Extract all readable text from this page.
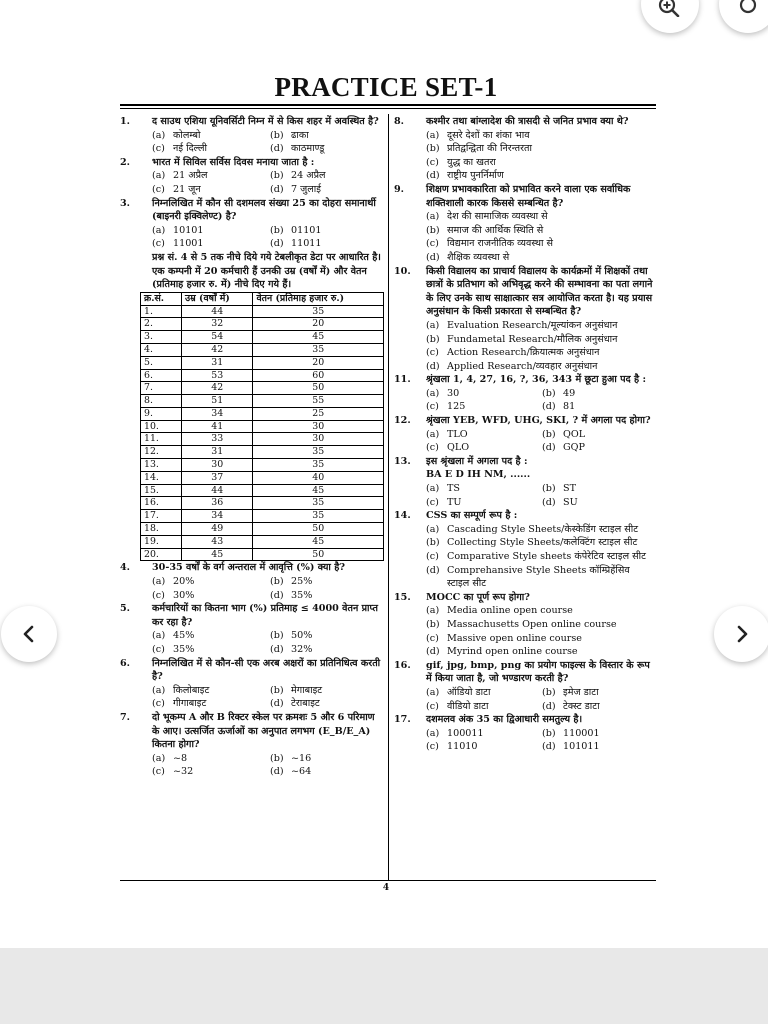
PRACTICE SET-1
1.	द साउथ एशिया यूनिवर्सिटी निम्न में से किस शहर में अवस्थित है?
(a) कोलम्बो	(b) ढाका
(c) नई दिल्ली	(d) काठमाण्डू
2.	भारत में सिविल सर्विस दिवस मनाया जाता है :
(a) 21 अप्रैल	(b) 24 अप्रैल
(c) 21 जून	(d) 7 जुलाई
3.	निम्नलिखित में कौन सी दशमलव संख्या 25 का दोहरा समानार्थी (बाइनरी इक्विलेण्ट) है?
(a) 10101	(b) 01101
(c) 11001	(d) 11011
प्रश्न सं. 4 से 5 तक नीचे दिये गये टेबलीकृत डेटा पर आधारित है। एक कम्पनी में 20 कर्मचारी हैं उनकी उम्र (वर्षों में) और वेतन (प्रतिमाह हजार रु. में) नीचे दिए गये हैं।
क्र.सं.	उम्र (वर्षों में)	वेतन (प्रतिमाह हजार रु.)
1.	44	35
2.	32	20
3.	54	45
4.	42	35
5.	31	20
6.	53	60
7.	42	50
8.	51	55
9.	34	25
10.	41	30
11.	33	30
12.	31	35
13.	30	35
14.	37	40
15.	44	45
16.	36	35
17.	34	35
18.	49	50
19.	43	45
20.	45	50
4.	30-35 वर्षों के वर्ग अन्तराल में आवृत्ति (%) क्या है?
(a) 20%	(b) 25%
(c) 30%	(d) 35%
5.	कर्मचारियों का कितना भाग (%) प्रतिमाह ≤ 4000 वेतन प्राप्त कर रहा है?
(a) 45%	(b) 50%
(c) 35%	(d) 32%
6.	निम्नलिखित में से कौन-सी एक अरब अक्षरों का प्रतिनिधित्व करती है?
(a) किलोबाइट	(b) मेगाबाइट
(c) गीगाबाइट	(d) टेराबाइट
7.	दो भूकम्प A और B रिक्टर स्केल पर क्रमशः 5 और 6 परिमाण के आए। उत्सर्जित ऊर्जाओं का अनुपात लगभग (E_B/E_A) कितना होगा?
(a) ~8	(b) ~16
(c) ~32	(d) ~64
8.	कश्मीर तथा बांग्लादेश की त्रासदी से जनित प्रभाव क्या थे?
(a) दूसरे देशों का शंका भाव
(b) प्रतिद्वन्द्विता की निरन्तरता
(c) युद्ध का खतरा
(d) राष्ट्रीय पुनर्निर्माण
9.	शिक्षण प्रभावकारिता को प्रभावित करने वाला एक सर्वाधिक शक्तिशाली कारक किससे सम्बन्धित है?
(a) देश की सामाजिक व्यवस्था से
(b) समाज की आर्थिक स्थिति से
(c) विद्यमान राजनीतिक व्यवस्था से
(d) शैक्षिक व्यवस्था से
10.	किसी विद्यालय का प्राचार्य विद्यालय के कार्यक्रमों में शिक्षकों तथा छात्रों के प्रतिभाग को अभिवृद्ध करने की सम्भावना का पता लगाने के लिए उनके साथ साक्षात्कार सत्र आयोजित करता है। यह प्रयास अनुसंधान के किसी प्रकारता से सम्बन्धित है?
(a) Evaluation Research/मूल्यांकन अनुसंधान
(b) Fundametal Research/मौलिक अनुसंधान
(c) Action Research/क्रियात्मक अनुसंधान
(d) Applied Research/व्यवहार अनुसंधान
11.	श्रृंखला 1, 4, 27, 16, ?, 36, 343 में छूटा हुआ पद है :
(a) 30	(b) 49
(c) 125	(d) 81
12.	श्रृंखला YEB, WFD, UHG, SKI, ? में अगला पद होगा?
(a) TLO	(b) QOL
(c) QLO	(d) GQP
13.	इस श्रृंखला में अगला पद है :
BA E D IH NM, ......
(a) TS	(b) ST
(c) TU	(d) SU
14.	CSS का सम्पूर्ण रूप है :
(a) Cascading Style Sheets/केस्केडिंग स्टाइल सीट
(b) Collecting Style Sheets/कलेक्टिंग स्टाइल सीट
(c) Comparative Style sheets कंपेरेटिव स्टाइल सीट
(d) Comprehansive Style Sheets कॉम्प्रिहेंसिव स्टाइल सीट
15.	MOCC का पूर्ण रूप होगा?
(a) Media online open course
(b) Massachusetts Open online course
(c) Massive open online course
(d) Myrind open online course
16.	gif, jpg, bmp, png का प्रयोग फाइल्स के विस्तार के रूप में किया जाता है, जो भण्डारण करती है?
(a) ऑडियो डाटा	(b) इमेज डाटा
(c) वीडियो डाटा	(d) टेक्स्ट डाटा
17.	दशमलव अंक 35 का द्विआधारी समतुल्य है।
(a) 100011	(b) 110001
(c) 11010	(d) 101011
4
